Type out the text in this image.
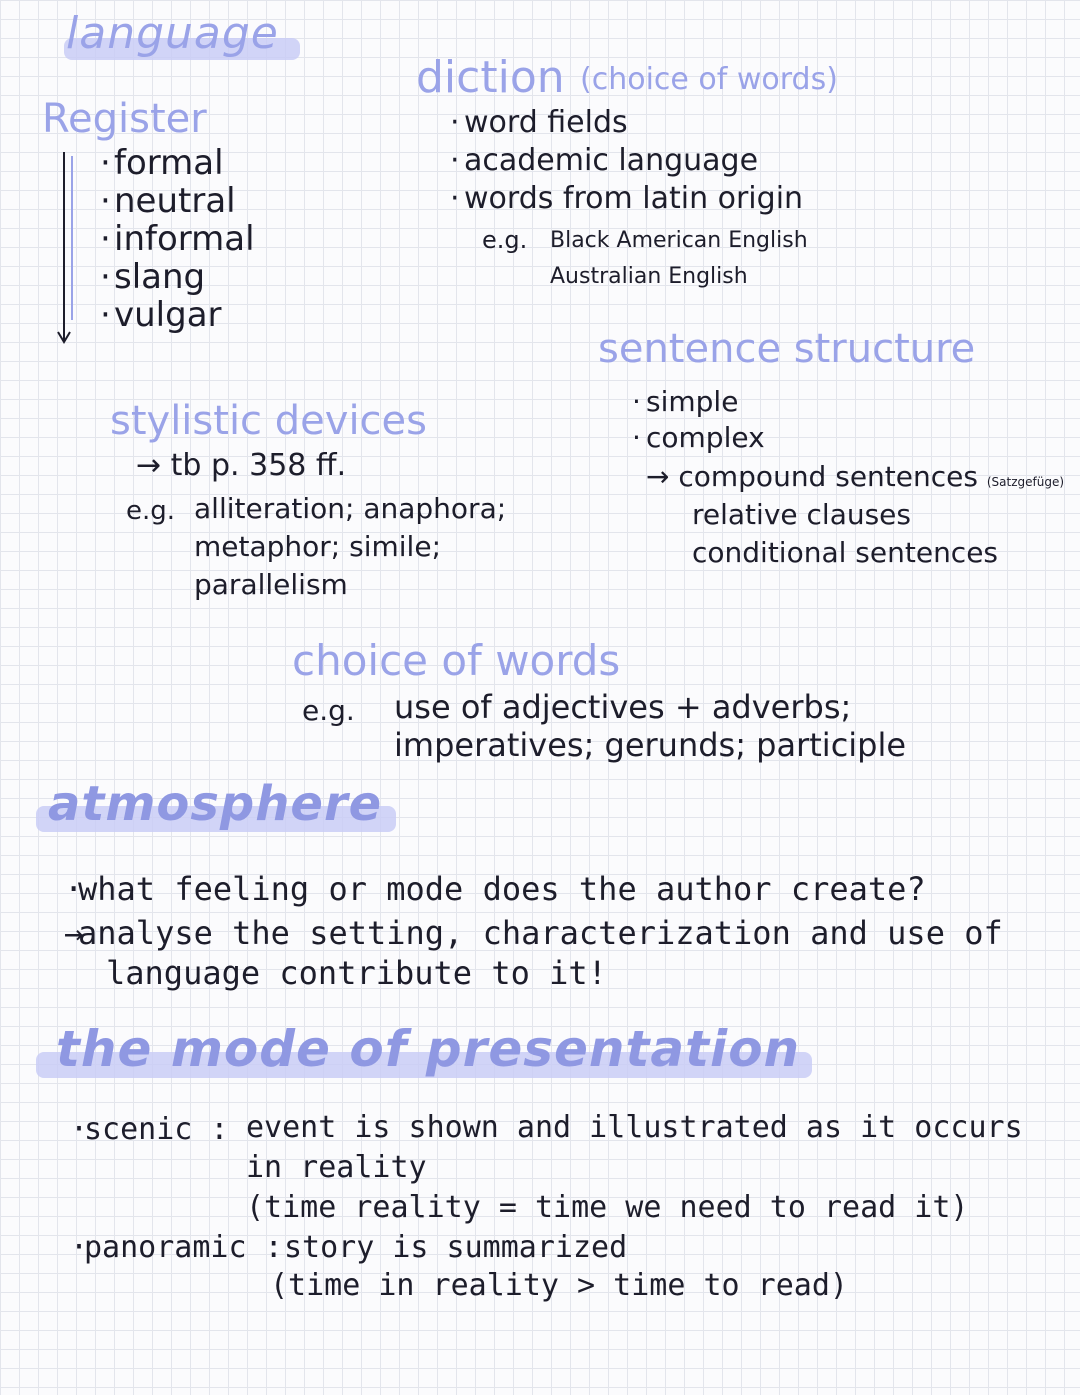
language
Register
·formal
·neutral
·informal
·slang
·vulgar
diction (choice of words)
· word fields
· academic language
· words from latin origin
e.g. Black American English
Australian English
sentence structure
· simple
· complex
→ compound sentences (Satzgefüge)
relative clauses
conditional sentences
stylistic devices
→ tb p. 358 ff.
e.g. alliteration; anaphora;
metaphor; simile;
parallelism
choice of words
e.g. use of adjectives + adverbs;
imperatives; gerunds; participle
atmosphere
·what feeling or mode does the author create?
→analyse the setting, characterization and use of
language contribute to it!
the mode of presentation
·scenic : event is shown and illustrated as it occurs
in reality
(time reality = time we need to read it)
·panoramic : story is summarized
(time in reality > time to read)
